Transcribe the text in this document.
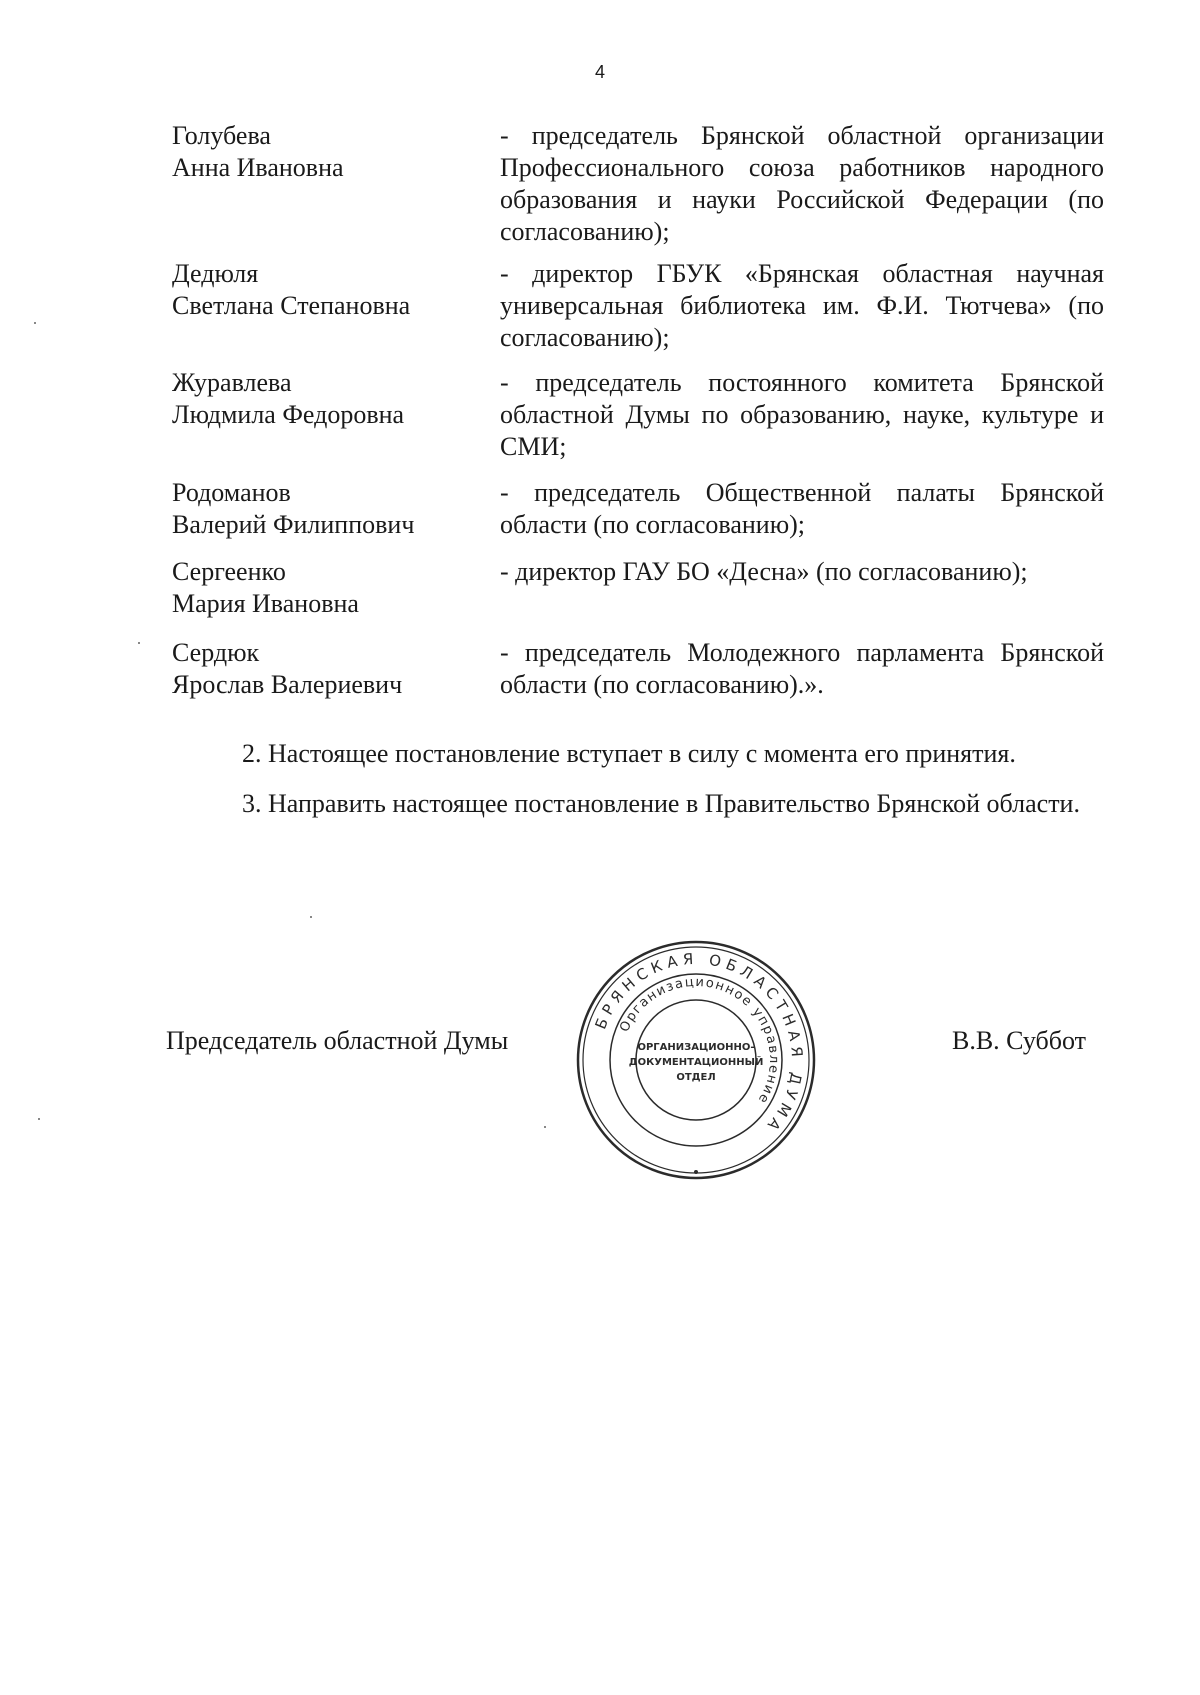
4
Голубева
Анна Ивановна
- председатель Брянской областной организации Профессионального союза работников народного образования и науки Российской Федерации (по согласованию);
Дедюля
Светлана Степановна
- директор ГБУК «Брянская областная научная универсальная библиотека им. Ф.И. Тютчева» (по согласованию);
Журавлева
Людмила Федоровна
- председатель постоянного комитета Брянской областной Думы по образованию, науке, культуре и СМИ;
Родоманов
Валерий Филиппович
- председатель Общественной палаты Брянской области (по согласованию);
Сергеенко
Мария Ивановна
- директор ГАУ БО «Десна» (по согласованию);
Сердюк
Ярослав Валериевич
- председатель Молодежного парламента Брянской области (по согласованию).».
2. Настоящее постановление вступает в силу с момента его принятия.
3. Направить настоящее постановление в Правительство Брянской области.
Председатель областной Думы
БРЯНСКАЯ ОБЛАСТНАЯ ДУМА
Организационное управление
ОРГАНИЗАЦИОННО-
ДОКУМЕНТАЦИОННЫЙ
ОТДЕЛ
В.В. Суббот
